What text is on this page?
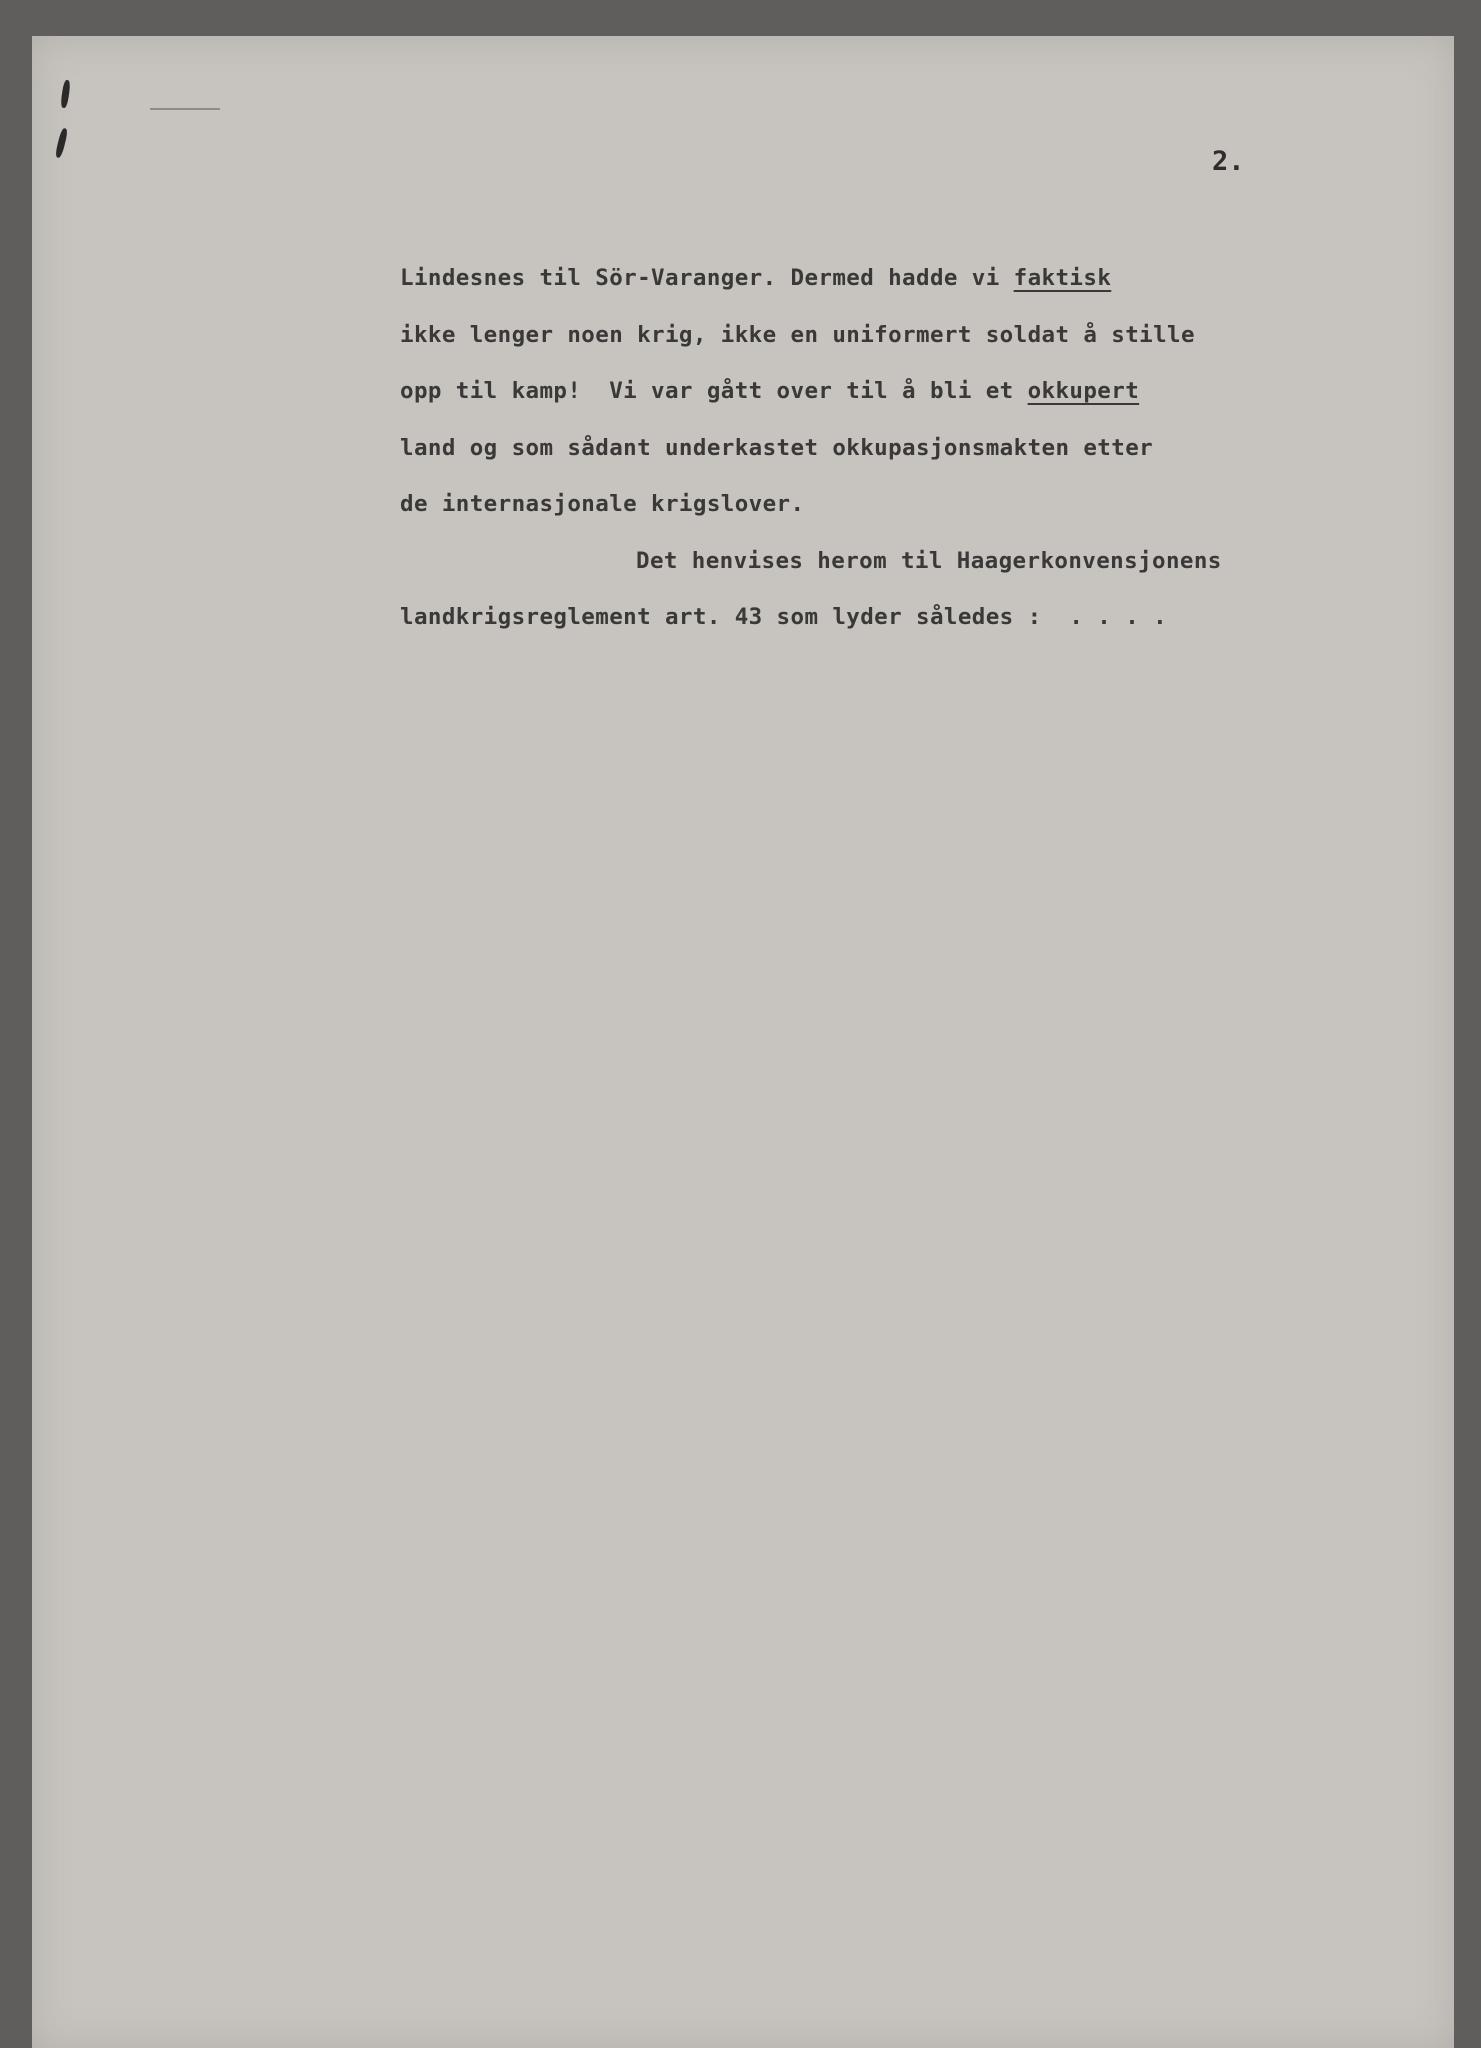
2.
Lindesnes til Sör-Varanger. Dermed hadde vi faktisk
ikke lenger noen krig, ikke en uniformert soldat å stille
opp til kamp!  Vi var gått over til å bli et okkupert
land og som sådant underkastet okkupasjonsmakten etter
de internasjonale krigslover.
Det henvises herom til Haagerkonvensjonens
landkrigsreglement art. 43 som lyder således :  . . . .
